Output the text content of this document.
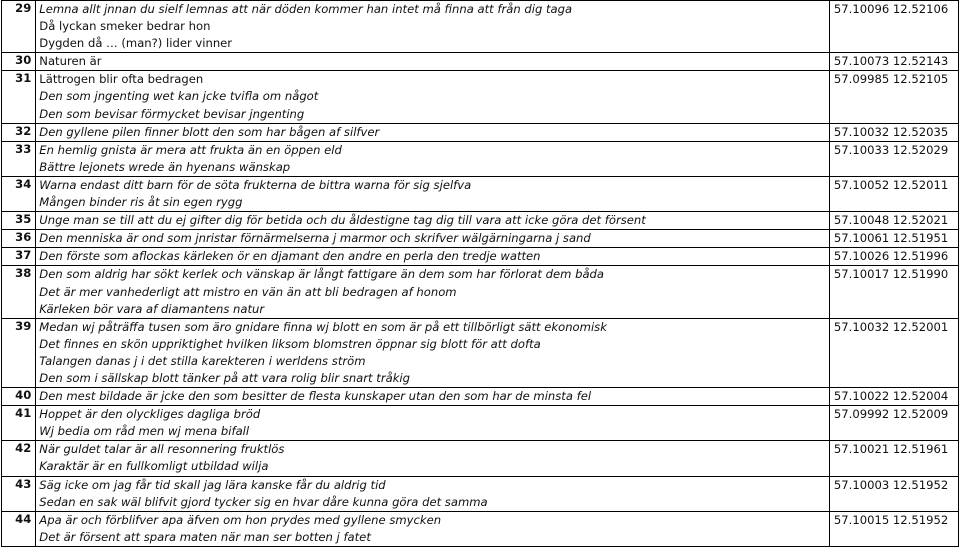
29	Lemna allt jnnan du sielf lemnas att när döden kommer han intet må finna att från dig taga
Då lyckan smeker bedrar hon
Dygden då … (man?) lider vinner	57.10096 12.52106

30	Naturen är	57.10073 12.52143

31	Lättrogen blir ofta bedragen
Den som jngenting wet kan jcke tvifla om något
Den som bevisar förmycket bevisar jngenting	57.09985 12.52105

32	Den gyllene pilen finner blott den som har bågen af silfver	57.10032 12.52035

33	En hemlig gnista är mera att frukta än en öppen eld
Bättre lejonets wrede än hyenans wänskap	57.10033 12.52029

34	Warna endast ditt barn för de söta frukterna de bittra warna för sig sjelfva
Mången binder ris åt sin egen rygg	57.10052 12.52011

35	Unge man se till att du ej gifter dig för betida och du åldestigne tag dig till vara att icke göra det försent	57.10048 12.52021

36	Den menniska är ond som jnristar förnärmelserna j marmor och skrifver wälgärningarna j sand	57.10061 12.51951

37	Den förste som aflockas kärleken ör en djamant den andre en perla den tredje watten	57.10026 12.51996

38	Den som aldrig har sökt kerlek och vänskap är långt fattigare än dem som har förlorat dem båda
Det är mer vanhederligt att mistro en vän än att bli bedragen af honom
Kärleken bör vara af diamantens natur	57.10017 12.51990

39	Medan wj påträffa tusen som äro gnidare finna wj blott en som är på ett tillbörligt sätt ekonomisk
Det finnes en skön uppriktighet hvilken liksom blomstren öppnar sig blott för att dofta
Talangen danas j i det stilla karekteren i werldens ström
Den som i sällskap blott tänker på att vara rolig blir snart tråkig	57.10032 12.52001

40	Den mest bildade är jcke den som besitter de flesta kunskaper utan den som har de minsta fel	57.10022 12.52004

41	Hoppet är den olyckliges dagliga bröd
Wj bedia om råd men wj mena bifall	57.09992 12.52009

42	När guldet talar är all resonnering fruktlös
Karaktär är en fullkomligt utbildad wilja	57.10021 12.51961

43	Säg icke om jag får tid skall jag lära kanske får du aldrig tid
Sedan en sak wäl blifvit gjord tycker sig en hvar dåre kunna göra det samma	57.10003 12.51952

44	Apa är och förblifver apa äfven om hon prydes med gyllene smycken
Det är försent att spara maten när man ser botten j fatet	57.10015 12.51952
